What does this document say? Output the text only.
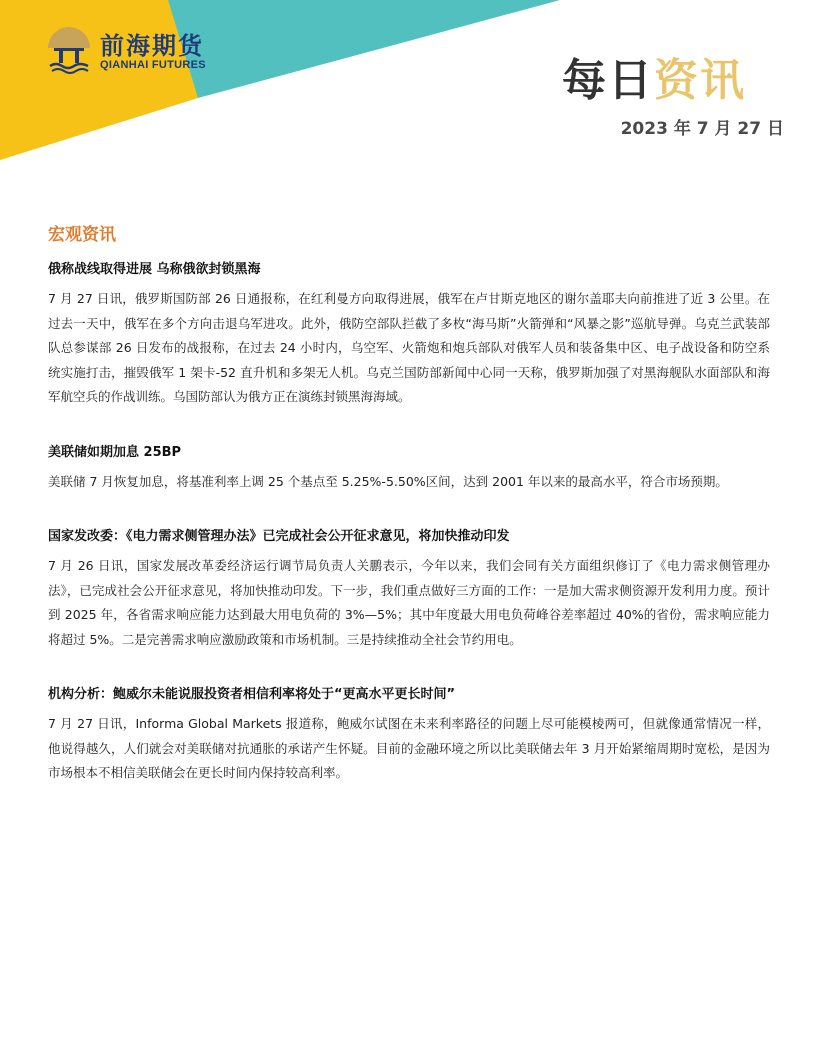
前海期货
QIANHAI FUTURES	每日资讯
2023 年 7 月 27 日
宏观资讯
俄称战线取得进展 乌称俄欲封锁黑海

7 月 27 日讯，俄罗斯国防部 26 日通报称，在红利曼方向取得进展，俄军在卢甘斯克地区的谢尔盖耶夫向前推进了近 3 公里。在过去一天中，俄军在多个方向击退乌军进攻。此外，俄防空部队拦截了多枚“海马斯”火箭弹和“风暴之影”巡航导弹。乌克兰武装部队总参谋部 26 日发布的战报称，在过去 24 小时内，乌空军、火箭炮和炮兵部队对俄军人员和装备集中区、电子战设备和防空系统实施打击，摧毁俄军 1 架卡-52 直升机和多架无人机。乌克兰国防部新闻中心同一天称，俄罗斯加强了对黑海舰队水面部队和海军航空兵的作战训练。乌国防部认为俄方正在演练封锁黑海海域。

美联储如期加息 25BP

美联储 7 月恢复加息，将基准利率上调 25 个基点至 5.25%-5.50%区间，达到 2001 年以来的最高水平，符合市场预期。

国家发改委：《电力需求侧管理办法》已完成社会公开征求意见，将加快推动印发

7 月 26 日讯，国家发展改革委经济运行调节局负责人关鹏表示，今年以来，我们会同有关方面组织修订了《电力需求侧管理办法》，已完成社会公开征求意见，将加快推动印发。下一步，我们重点做好三方面的工作：一是加大需求侧资源开发利用力度。预计到 2025 年，各省需求响应能力达到最大用电负荷的 3%—5%；其中年度最大用电负荷峰谷差率超过 40%的省份，需求响应能力将超过 5%。二是完善需求响应激励政策和市场机制。三是持续推动全社会节约用电。

机构分析：鲍威尔未能说服投资者相信利率将处于“更高水平更长时间”

7 月 27 日讯，Informa Global Markets 报道称，鲍威尔试图在未来利率路径的问题上尽可能模棱两可，但就像通常情况一样，他说得越久，人们就会对美联储对抗通胀的承诺产生怀疑。目前的金融环境之所以比美联储去年 3 月开始紧缩周期时宽松，是因为市场根本不相信美联储会在更长时间内保持较高利率。
